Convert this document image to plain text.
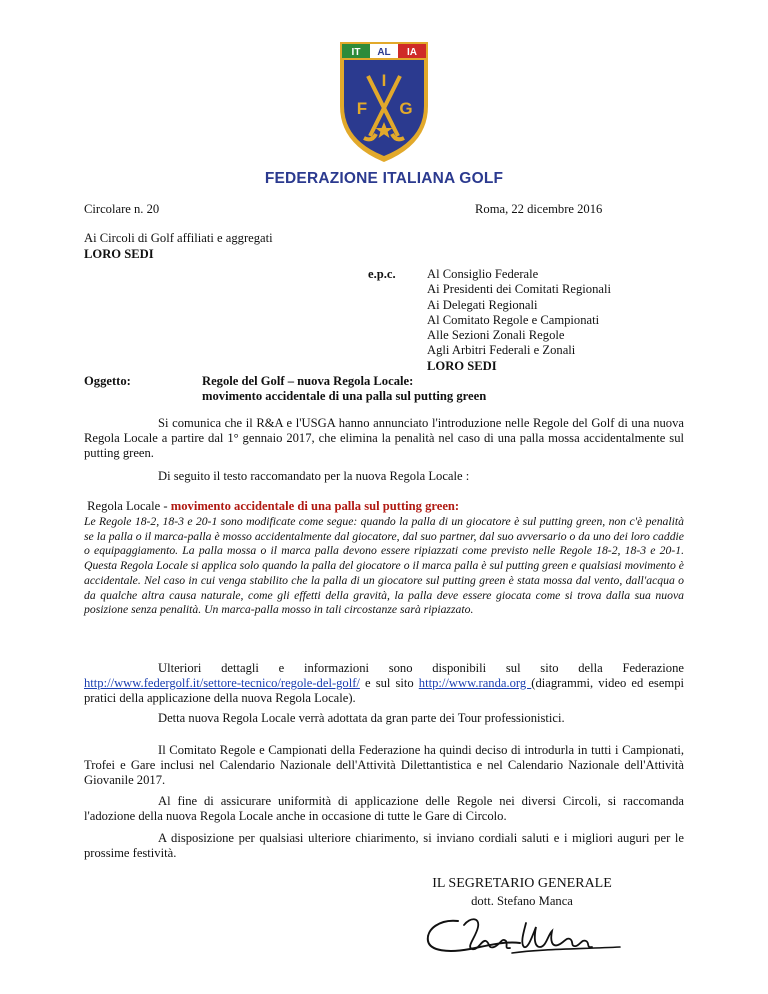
IT AL IA
I
F G
FEDERAZIONE ITALIANA GOLF
Circolare n. 20	Roma, 22 dicembre 2016
Ai Circoli di Golf affiliati e aggregati
LORO SEDI
e.p.c. Al Consiglio Federale
Ai Presidenti dei Comitati Regionali
Ai Delegati Regionali
Al Comitato Regole e Campionati
Alle Sezioni Zonali Regole
Agli Arbitri Federali e Zonali
LORO SEDI
Oggetto:	Regole del Golf – nuova Regola Locale:
movimento accidentale di una palla sul putting green
Si comunica che il R&A e l'USGA hanno annunciato l'introduzione nelle Regole del Golf di una nuova Regola Locale a partire dal 1° gennaio 2017, che elimina la penalità nel caso di una palla mossa accidentalmente sul putting green.
Di seguito il testo raccomandato per la nuova Regola Locale :
Regola Locale - movimento accidentale di una palla sul putting green:
Le Regole 18-2, 18-3 e 20-1 sono modificate come segue: quando la palla di un giocatore è sul putting green, non c'è penalità se la palla o il marca-palla è mosso accidentalmente dal giocatore, dal suo partner, dal suo avversario o da uno dei loro caddie o equipaggiamento. La palla mossa o il marca palla devono essere ripiazzati come previsto nelle Regole 18-2, 18-3 e 20-1. Questa Regola Locale si applica solo quando la palla del giocatore o il marca palla è sul putting green e qualsiasi movimento è accidentale. Nel caso in cui venga stabilito che la palla di un giocatore sul putting green è stata mossa dal vento, dall'acqua o da qualche altra causa naturale, come gli effetti della gravità, la palla deve essere giocata come si trova dalla sua nuova posizione senza penalità. Un marca-palla mosso in tali circostanze sarà ripiazzato.
Ulteriori dettagli e informazioni sono disponibili sul sito della Federazione http://www.federgolf.it/settore-tecnico/regole-del-golf/ e sul sito http://www.randa.org (diagrammi, video ed esempi pratici della applicazione della nuova Regola Locale).
Detta nuova Regola Locale verrà adottata da gran parte dei Tour professionistici.
Il Comitato Regole e Campionati della Federazione ha quindi deciso di introdurla in tutti i Campionati, Trofei e Gare inclusi nel Calendario Nazionale dell'Attività Dilettantistica e nel Calendario Nazionale dell'Attività Giovanile 2017.
Al fine di assicurare uniformità di applicazione delle Regole nei diversi Circoli, si raccomanda l'adozione della nuova Regola Locale anche in occasione di tutte le Gare di Circolo.
A disposizione per qualsiasi ulteriore chiarimento, si inviano cordiali saluti e i migliori auguri per le prossime festività.
IL SEGRETARIO GENERALE
dott. Stefano Manca
